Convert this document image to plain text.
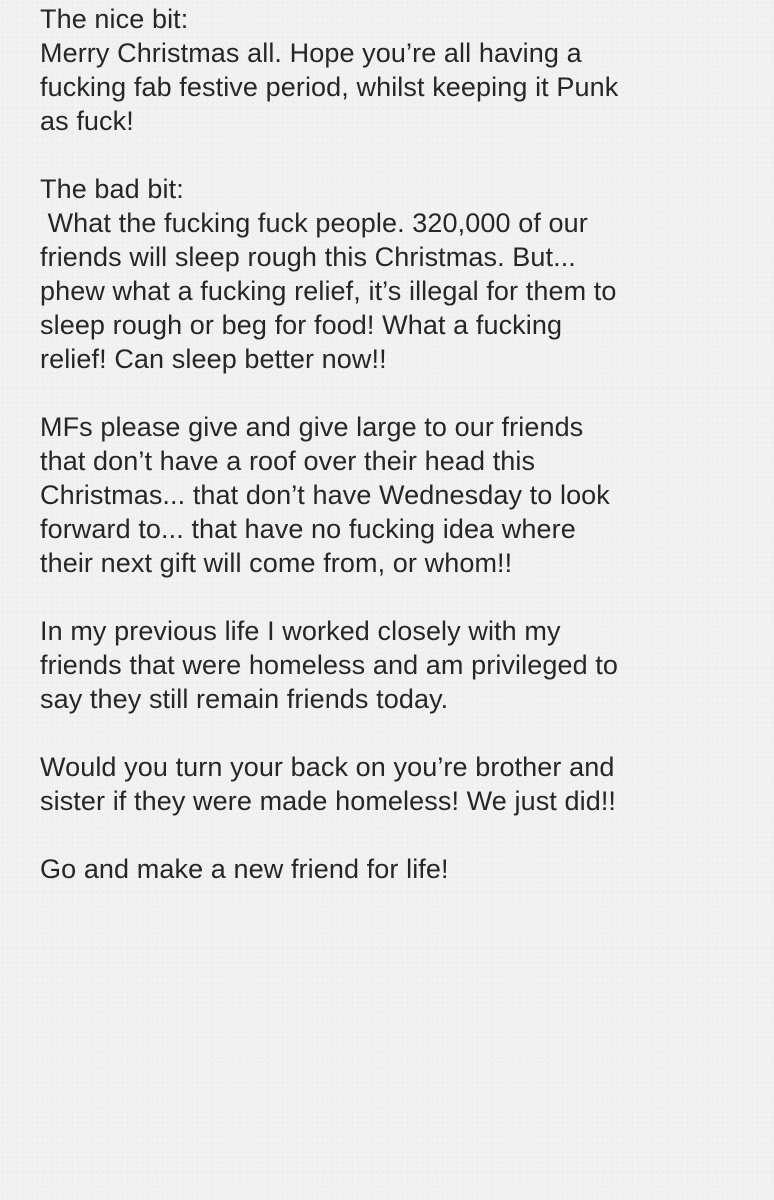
The nice bit:
Merry Christmas all. Hope you’re all having a
fucking fab festive period, whilst keeping it Punk
as fuck!
The bad bit:
What the fucking fuck people. 320,000 of our
friends will sleep rough this Christmas. But...
phew what a fucking relief, it’s illegal for them to
sleep rough or beg for food! What a fucking
relief! Can sleep better now!!
MFs please give and give large to our friends
that don’t have a roof over their head this
Christmas... that don’t have Wednesday to look
forward to... that have no fucking idea where
their next gift will come from, or whom!!
In my previous life I worked closely with my
friends that were homeless and am privileged to
say they still remain friends today.
Would you turn your back on you’re brother and
sister if they were made homeless! We just did!!
Go and make a new friend for life!
